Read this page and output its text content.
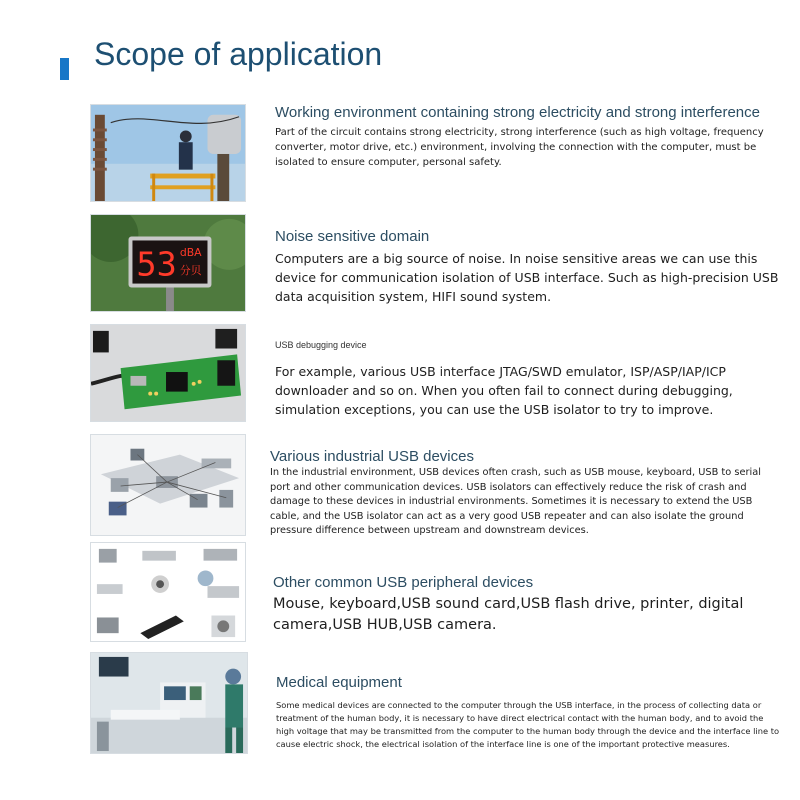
Scope of application
Working environment containing strong electricity and strong interference

Part of the circuit contains strong electricity, strong interference (such as high voltage, frequency converter, motor drive, etc.) environment, involving the connection with the computer, must be isolated to ensure computer, personal safety.

53 dBA
分贝
Noise sensitive domain

Computers are a big source of noise. In noise sensitive areas we can use this device for communication isolation of USB interface. Such as high-precision USB data acquisition system, HIFI sound system.

USB debugging device

For example, various USB interface JTAG/SWD emulator, ISP/ASP/IAP/ICP downloader and so on. When you often fail to connect during debugging, simulation exceptions, you can use the USB isolator to try to improve.

Various industrial USB devices

In the industrial environment, USB devices often crash, such as USB mouse, keyboard, USB to serial port and other communication devices. USB isolators can effectively reduce the risk of crash and damage to these devices in industrial environments. Sometimes it is necessary to extend the USB cable, and the USB isolator can act as a very good USB repeater and can also isolate the ground pressure difference between upstream and downstream devices.

Other common USB peripheral devices

Mouse, keyboard,USB sound card,USB flash drive, printer, digital camera,USB HUB,USB camera.

Medical equipment

Some medical devices are connected to the computer through the USB interface, in the process of collecting data or treatment of the human body, it is necessary to have direct electrical contact with the human body, and to avoid the high voltage that may be transmitted from the computer to the human body through the device and the interface line to cause electric shock, the electrical isolation of the interface line is one of the important protective measures.
